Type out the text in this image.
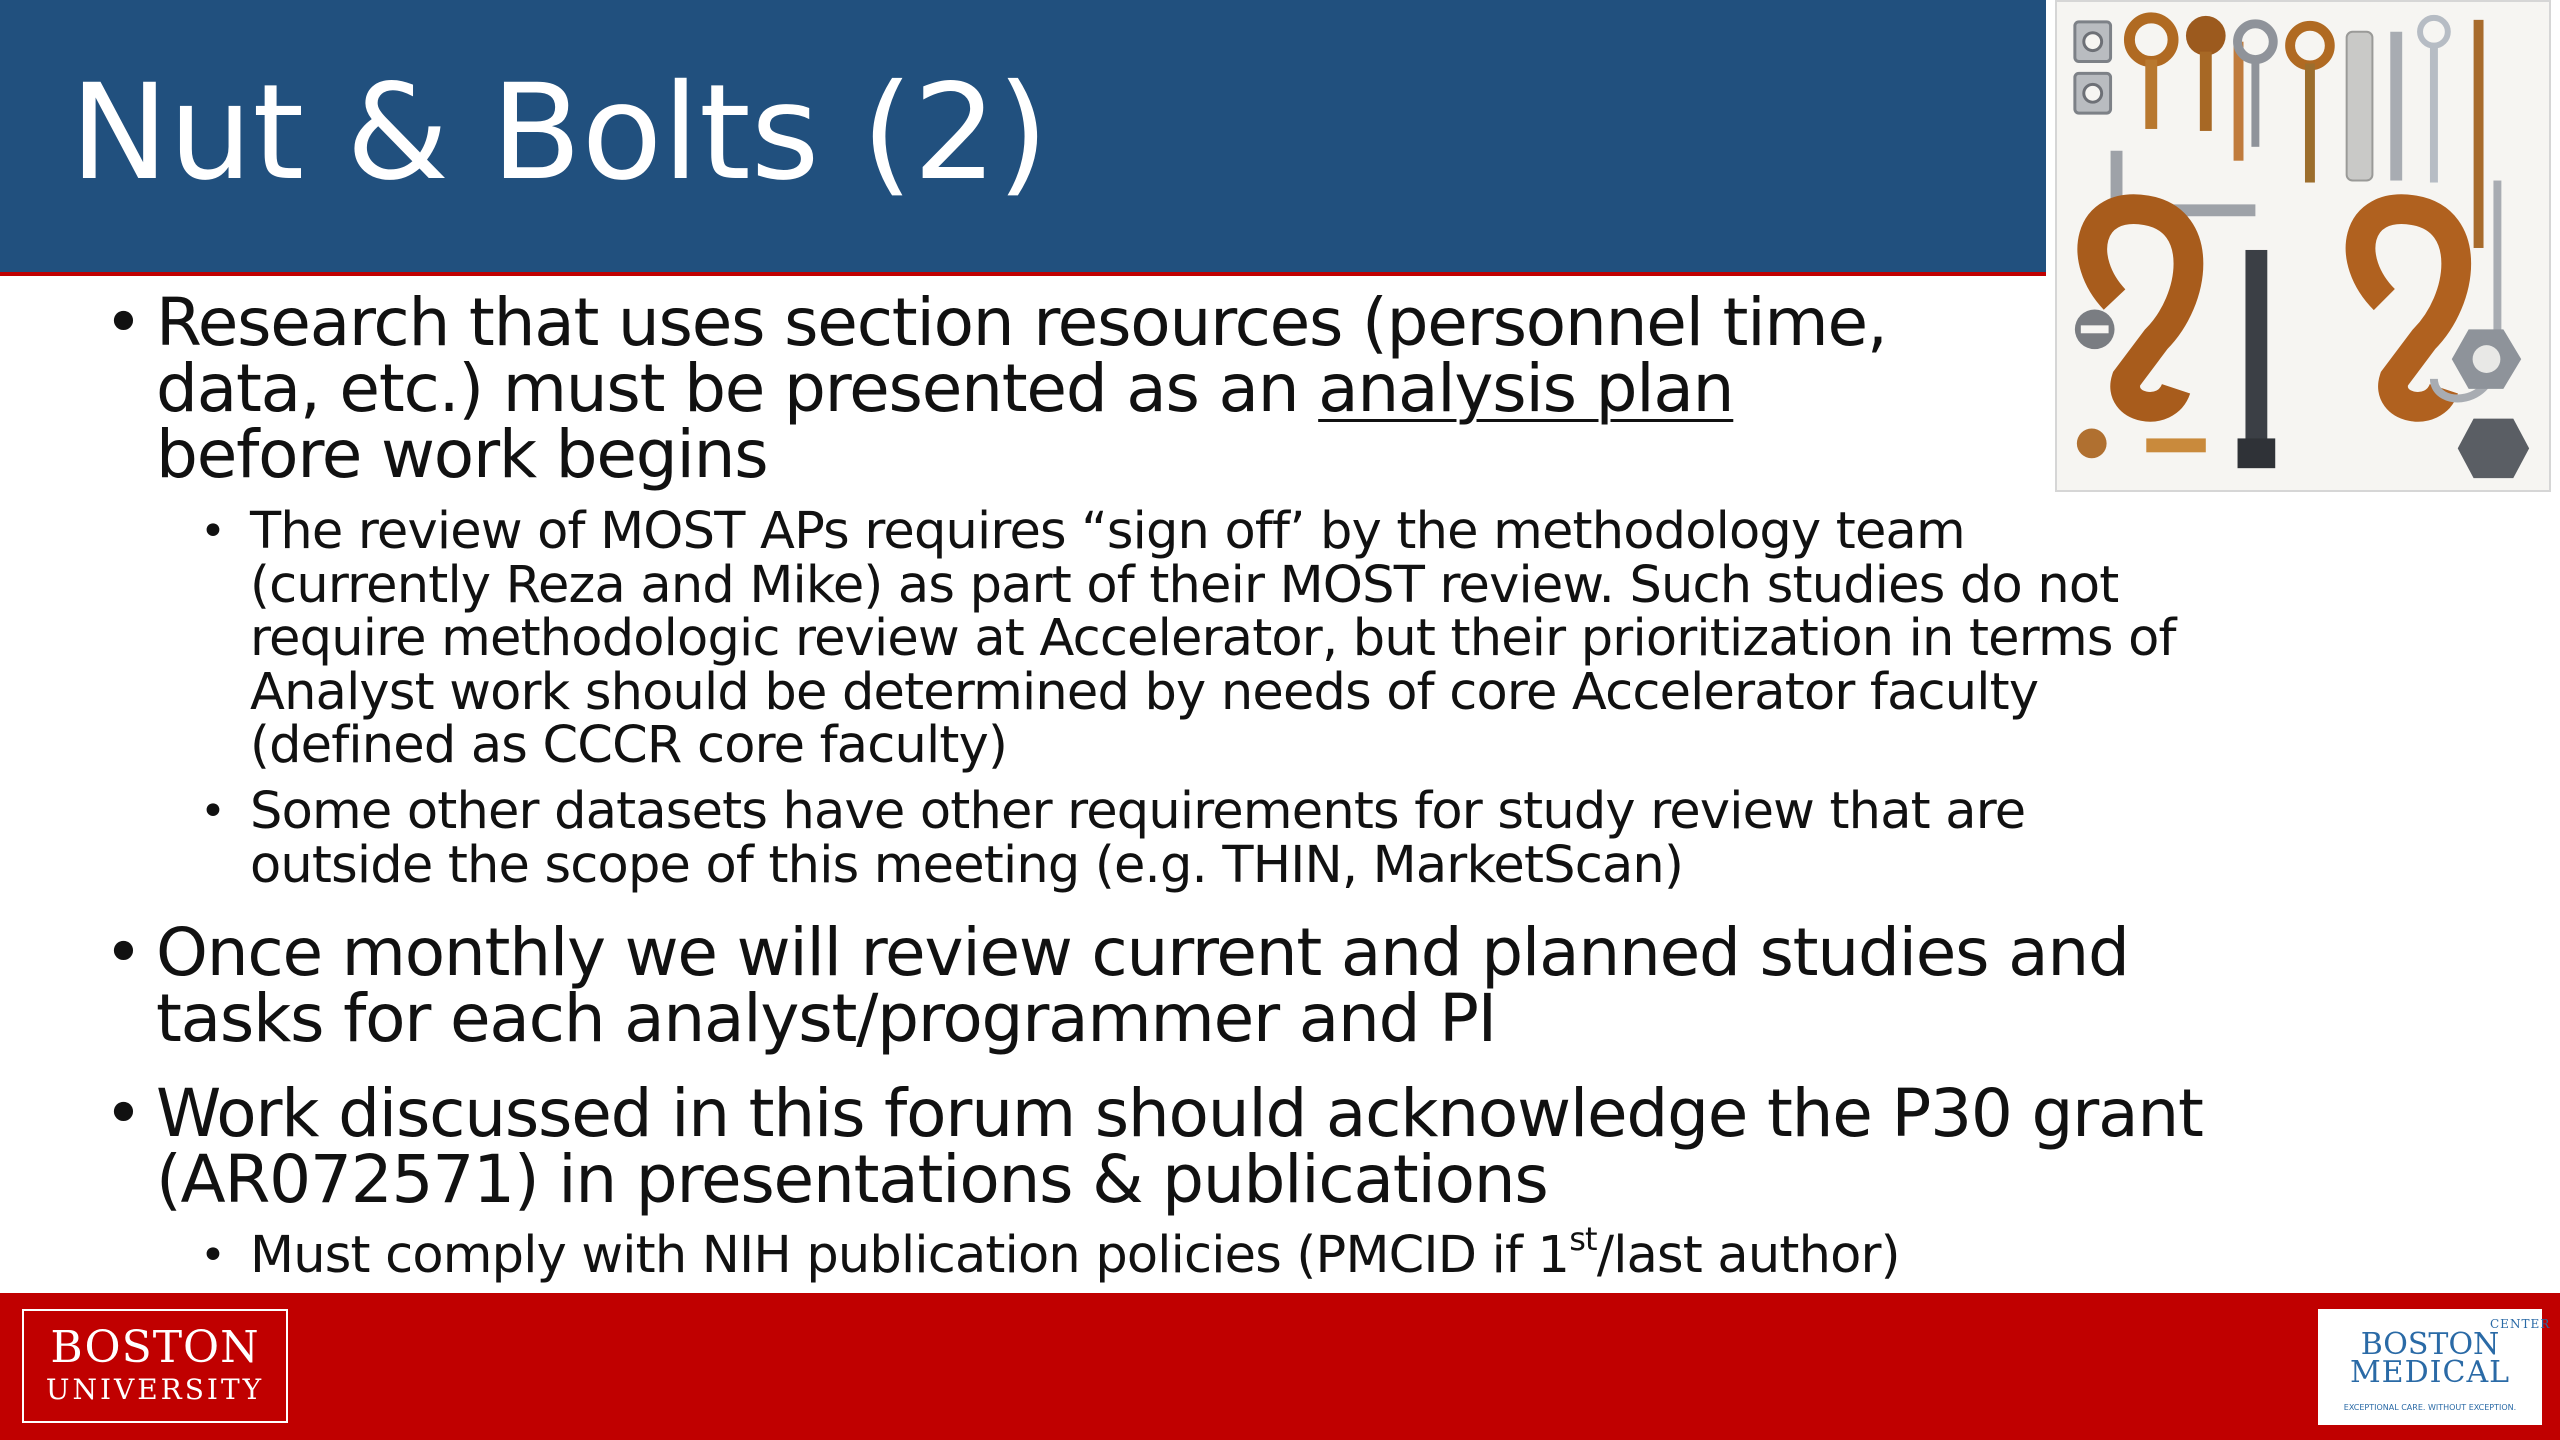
Nut & Bolts (2)
• Research that uses section resources (personnel time,
data, etc.) must be presented as an analysis plan
before work begins

• The review of MOST APs requires “sign off’ by the methodology team
(currently Reza and Mike) as part of their MOST review. Such studies do not
require methodologic review at Accelerator, but their prioritization in terms of
Analyst work should be determined by needs of core Accelerator faculty
(defined as CCCR core faculty)

• Some other datasets have other requirements for study review that are
outside the scope of this meeting (e.g. THIN, MarketScan)

• Once monthly we will review current and planned studies and
tasks for each analyst/programmer and PI

• Work discussed in this forum should acknowledge the P30 grant
(AR072571) in presentations & publications

• Must comply with NIH publication policies (PMCID if 1st/last author)

BOSTON
UNIVERSITY
CENTER
BOSTON
MEDICAL
EXCEPTIONAL CARE. WITHOUT EXCEPTION.
